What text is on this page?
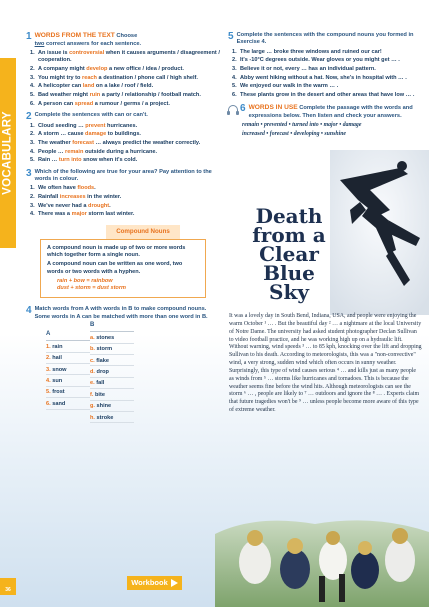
VOCABULARY
36
1 WORDS FROM THE TEXT Choose
two correct answers for each sentence.
1. An issue is controversial when it causes arguments / disagreement / cooperation.
2. A company might develop a new office / idea / product.
3. You might try to reach a destination / phone call / high shelf.
4. A helicopter can land on a lake / roof / field.
5. Bad weather might ruin a party / relationship / football match.
6. A person can spread a rumour / germs / a project.
2 Complete the sentences with can or can't.
1. Cloud seeding … prevent hurricanes.
2. A storm … cause damage to buildings.
3. The weather forecast … always predict the weather correctly.
4. People … remain outside during a hurricane.
5. Rain … turn into snow when it's cold.
3 Which of the following are true for your area? Pay attention to the words in colour.
1. We often have floods.
2. Rainfall increases in the winter.
3. We've never had a drought.
4. There was a major storm last winter.
Compound Nouns

A compound noun is made up of two or more words which together form a single noun.

A compound noun can be written as one word, two words or two words with a hyphen.

rain + bow = rainbow
dust + storm = dust storm
4 Match words from A with words in B to make compound nouns. Some words in A can be matched with more than one word in B.
A
1. rain
2. hail
3. snow
4. sun
5. frost
6. sand
B
a. stones
b. storm
c. flake
d. drop
e. fall
f. bite
g. shine
h. stroke
5 Complete the sentences with the compound nouns you formed in Exercise 4.
1. The large … broke three windows and ruined our car!
2. It's -10°C degrees outside. Wear gloves or you might get … .
3. Believe it or not, every … has an individual pattern.
4. Abby went hiking without a hat. Now, she's in hospital with … .
5. We enjoyed our walk in the warm … .
6. These plants grow in the desert and other areas that have low … .
6 WORDS IN USE Complete the passage with the words and expressions below. Then listen and check your answers.
remain • prevented • turned into • major • damage
increased • forecast • developing • sunshine
Death
from a
Clear
Blue
Sky
It was a lovely day in South Bend, Indiana, USA, and people were enjoying the warm October ¹ … . But the beautiful day ² … a nightmare at the local University of Notre Dame. The university had asked student photographer Declan Sullivan to video football practice, and he was working high up on a hydraulic lift. Without warning, wind speeds ³ … to 85 kph, knocking over the lift and dropping Sullivan to his death. According to meteorologists, this was a "non-convective" wind, a very strong, sudden wind which often occurs in sunny weather. Surprisingly, this type of wind causes serious ⁴ … and kills just as many people as winds from ⁵ … storms like hurricanes and tornadoes. This is because the weather seems fine before the wind hits. Although meteorologists can see the storm ⁶ … , people are likely to ⁷ … outdoors and ignore the ⁸ … . Experts claim that future tragedies won't be ⁹ … unless people become more aware of this type of extreme weather.
Workbook
